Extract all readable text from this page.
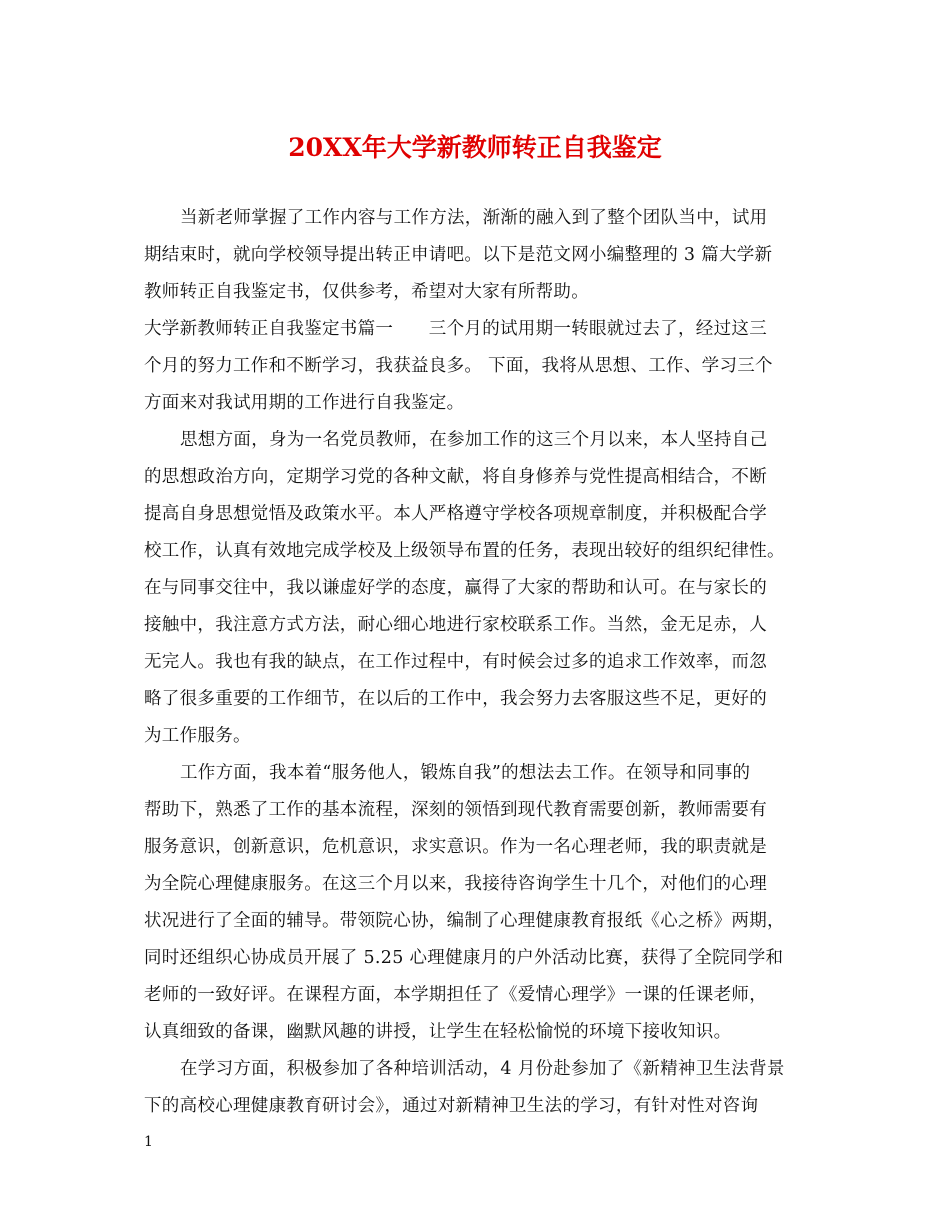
20XX年大学新教师转正自我鉴定
当新老师掌握了工作内容与工作方法，渐渐的融入到了整个团队当中，试用
期结束时，就向学校领导提出转正申请吧。以下是范文网小编整理的 3 篇大学新
教师转正自我鉴定书，仅供参考，希望对大家有所帮助。
大学新教师转正自我鉴定书篇一　　三个月的试用期一转眼就过去了，经过这三
个月的努力工作和不断学习，我获益良多。 下面，我将从思想、工作、学习三个
方面来对我试用期的工作进行自我鉴定。
思想方面，身为一名党员教师，在参加工作的这三个月以来，本人坚持自己
的思想政治方向，定期学习党的各种文献，将自身修养与党性提高相结合，不断
提高自身思想觉悟及政策水平。本人严格遵守学校各项规章制度，并积极配合学
校工作，认真有效地完成学校及上级领导布置的任务，表现出较好的组织纪律性。
在与同事交往中，我以谦虚好学的态度，赢得了大家的帮助和认可。在与家长的
接触中，我注意方式方法，耐心细心地进行家校联系工作。当然，金无足赤，人
无完人。我也有我的缺点，在工作过程中，有时候会过多的追求工作效率，而忽
略了很多重要的工作细节，在以后的工作中，我会努力去客服这些不足，更好的
为工作服务。
工作方面，我本着“服务他人，锻炼自我”的想法去工作。在领导和同事的
帮助下，熟悉了工作的基本流程，深刻的领悟到现代教育需要创新，教师需要有
服务意识，创新意识，危机意识，求实意识。作为一名心理老师，我的职责就是
为全院心理健康服务。在这三个月以来，我接待咨询学生十几个，对他们的心理
状况进行了全面的辅导。带领院心协，编制了心理健康教育报纸《心之桥》两期，
同时还组织心协成员开展了 5.25 心理健康月的户外活动比赛，获得了全院同学和
老师的一致好评。在课程方面，本学期担任了《爱情心理学》一课的任课老师，
认真细致的备课，幽默风趣的讲授，让学生在轻松愉悦的环境下接收知识。
在学习方面，积极参加了各种培训活动，4 月份赴参加了《新精神卫生法背景
下的高校心理健康教育研讨会》，通过对新精神卫生法的学习，有针对性对咨询
1
